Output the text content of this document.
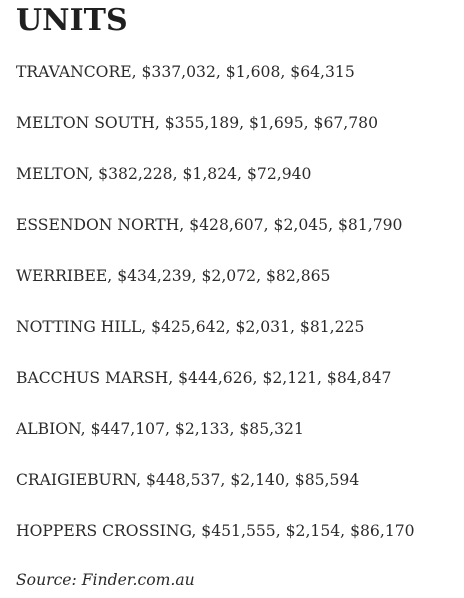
UNITS
TRAVANCORE, $337,032, $1,608, $64,315
MELTON SOUTH, $355,189, $1,695, $67,780
MELTON, $382,228, $1,824, $72,940
ESSENDON NORTH, $428,607, $2,045, $81,790
WERRIBEE, $434,239, $2,072, $82,865
NOTTING HILL, $425,642, $2,031, $81,225
BACCHUS MARSH, $444,626, $2,121, $84,847
ALBION, $447,107, $2,133, $85,321
CRAIGIEBURN, $448,537, $2,140, $85,594
HOPPERS CROSSING, $451,555, $2,154, $86,170

Source: Finder.com.au
